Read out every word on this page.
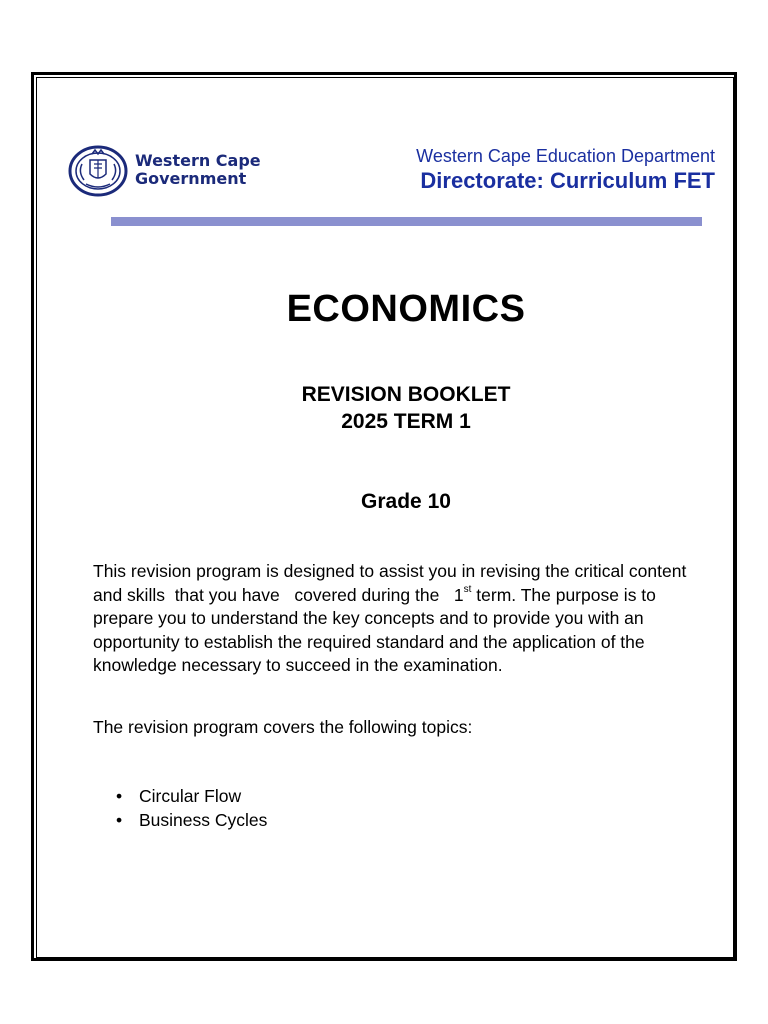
Western Cape
Government
Western Cape Education Department
Directorate: Curriculum FET
ECONOMICS
REVISION BOOKLET
2025 TERM 1
Grade 10
This revision program is designed to assist you in revising the critical content
and skills  that you have   covered during the   1st term. The purpose is to
prepare you to understand the key concepts and to provide you with an
opportunity to establish the required standard and the application of the
knowledge necessary to succeed in the examination.
The revision program covers the following topics:
• Circular Flow
• Business Cycles
